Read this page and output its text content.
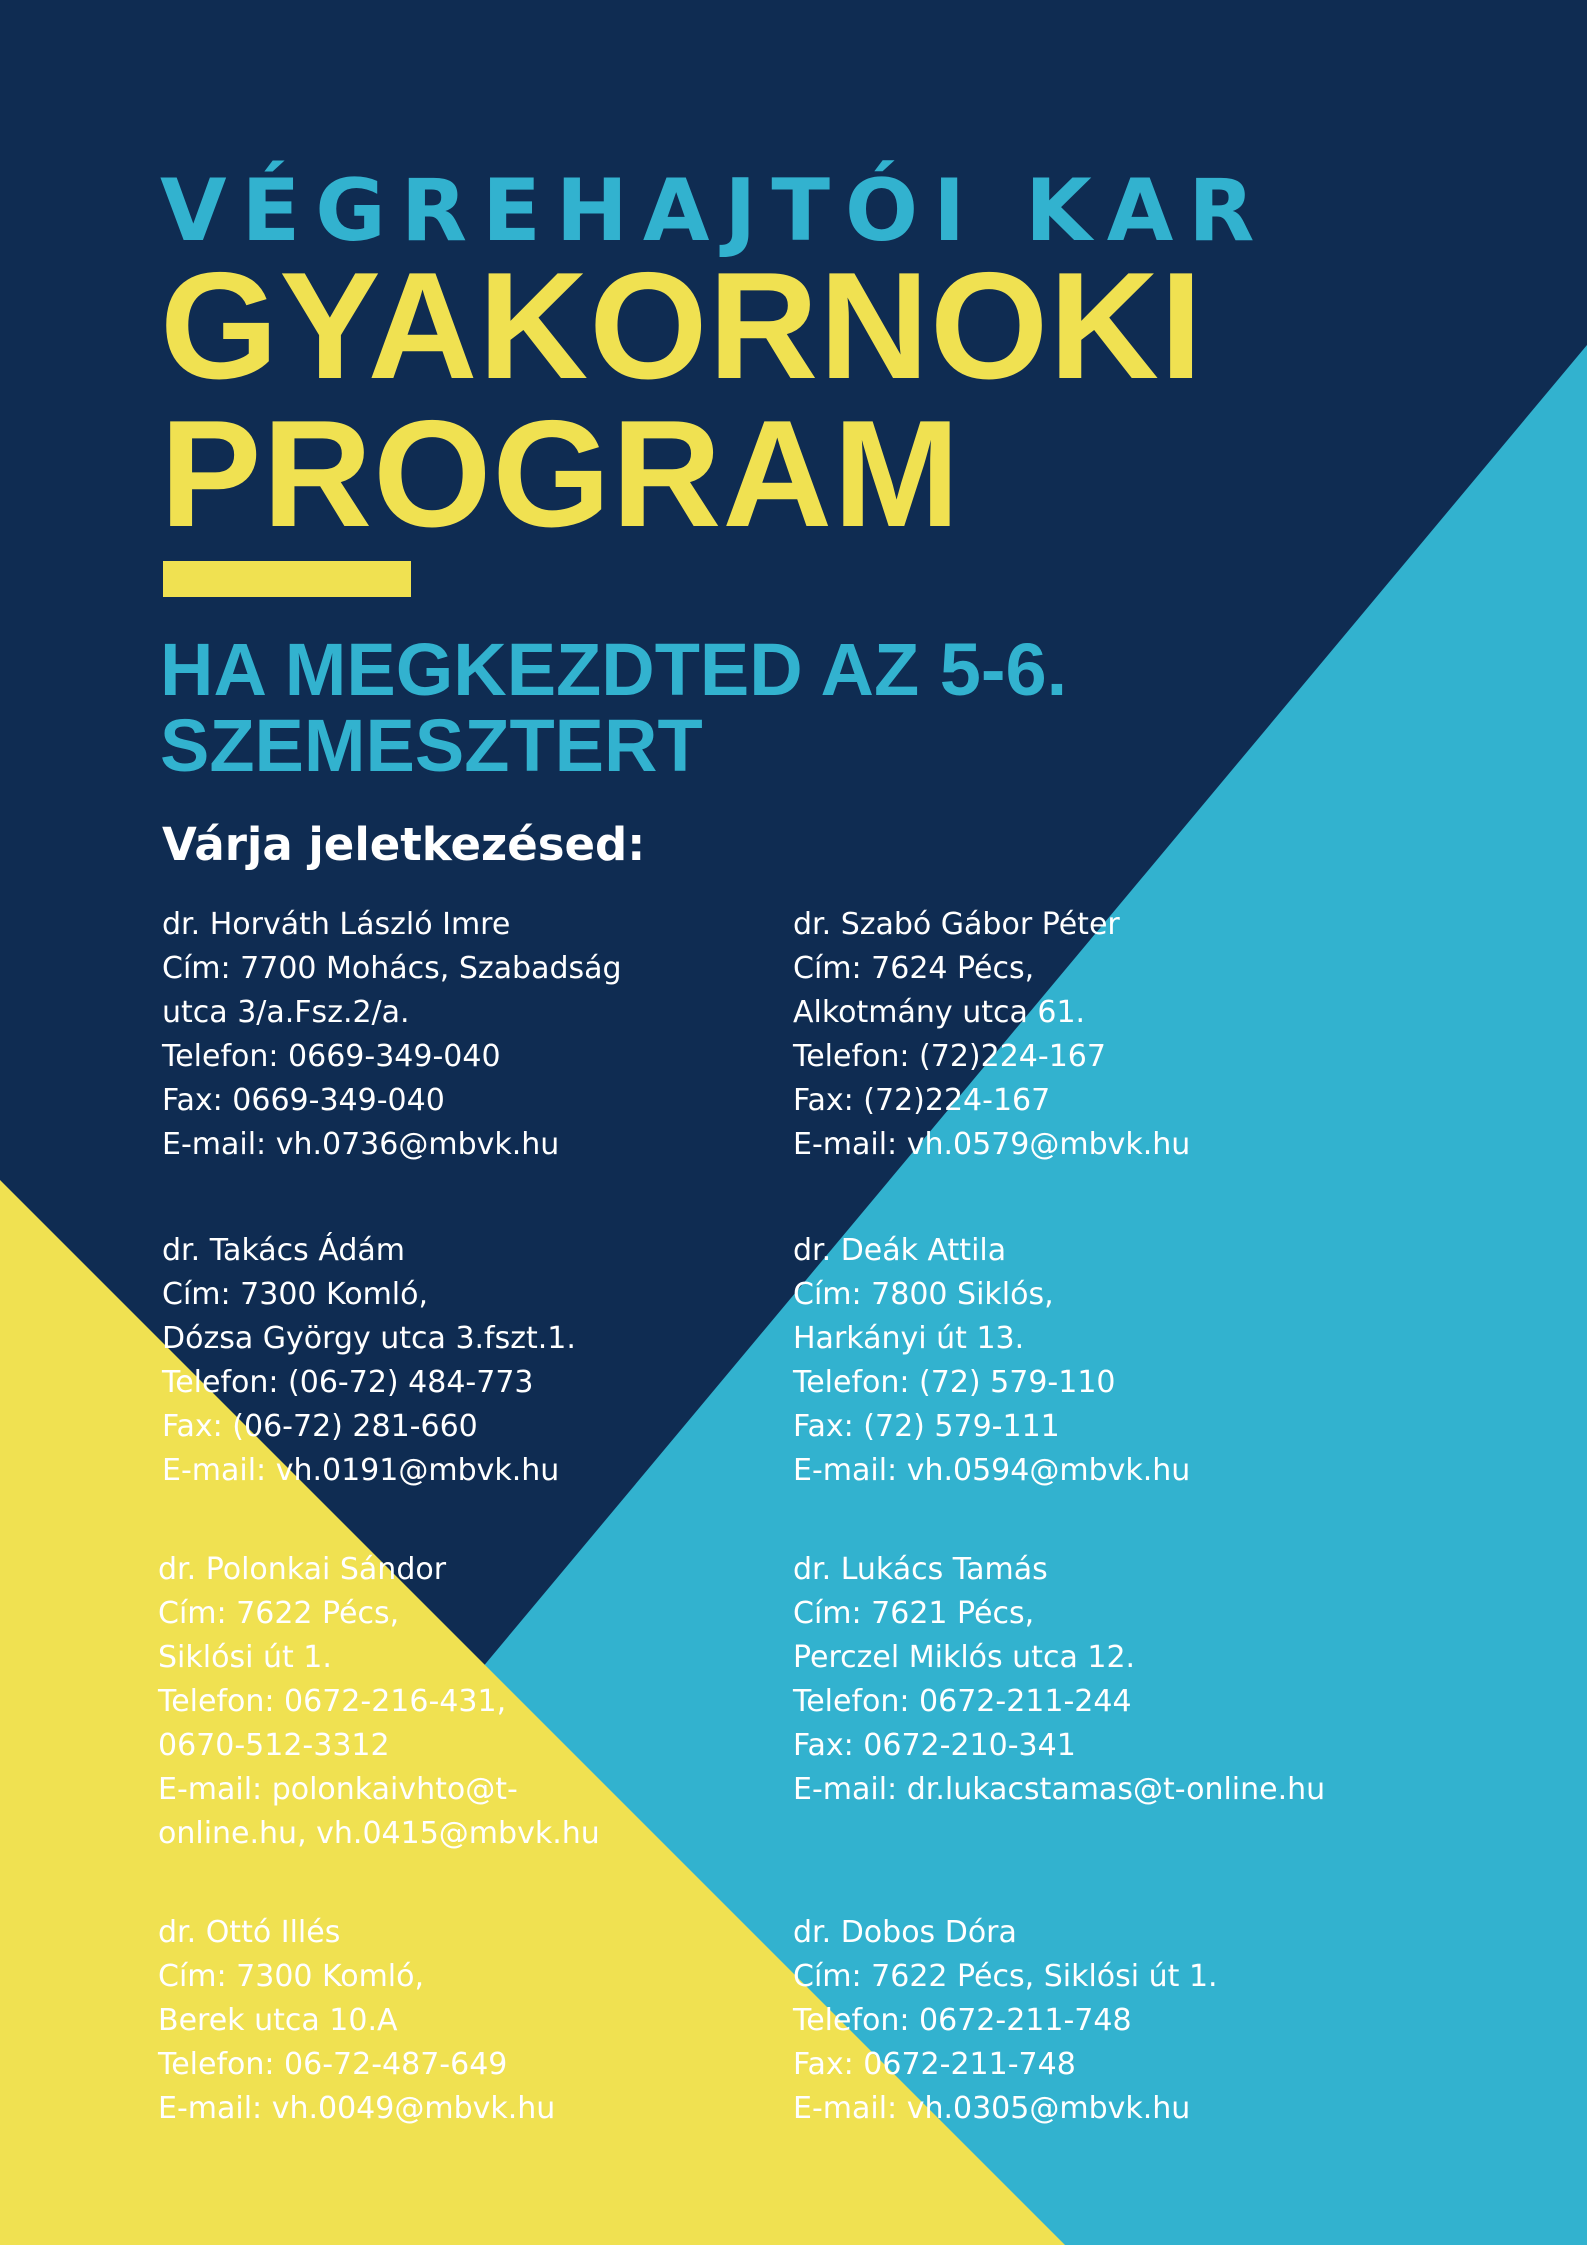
VÉGREHAJTÓI KAR
GYAKORNOKI
PROGRAM
HA MEGKEZDTED AZ 5-6.
SZEMESZTERT

Várja jeletkezésed:

dr. Horváth László Imre
Cím: 7700 Mohács, Szabadság
utca 3/a.Fsz.2/a.
Telefon: 0669-349-040
Fax: 0669-349-040
E-mail: vh.0736@mbvk.hu
dr. Szabó Gábor Péter
Cím: 7624 Pécs,
Alkotmány utca 61.
Telefon: (72)224-167
Fax: (72)224-167
E-mail: vh.0579@mbvk.hu
dr. Takács Ádám
Cím: 7300 Komló,
Dózsa György utca 3.fszt.1.
Telefon: (06-72) 484-773
Fax: (06-72) 281-660
E-mail: vh.0191@mbvk.hu
dr. Deák Attila
Cím: 7800 Siklós,
Harkányi út 13.
Telefon: (72) 579-110
Fax: (72) 579-111
E-mail: vh.0594@mbvk.hu
dr. Polonkai Sándor
Cím: 7622 Pécs,
Siklósi út 1.
Telefon: 0672-216-431,
0670-512-3312
E-mail: polonkaivhto@t-
online.hu, vh.0415@mbvk.hu
dr. Lukács Tamás
Cím: 7621 Pécs,
Perczel Miklós utca 12.
Telefon: 0672-211-244
Fax: 0672-210-341
E-mail: dr.lukacstamas@t-online.hu
dr. Ottó Illés
Cím: 7300 Komló,
Berek utca 10.A
Telefon: 06-72-487-649
E-mail: vh.0049@mbvk.hu
dr. Dobos Dóra
Cím: 7622 Pécs, Siklósi út 1.
Telefon: 0672-211-748
Fax: 0672-211-748
E-mail: vh.0305@mbvk.hu
